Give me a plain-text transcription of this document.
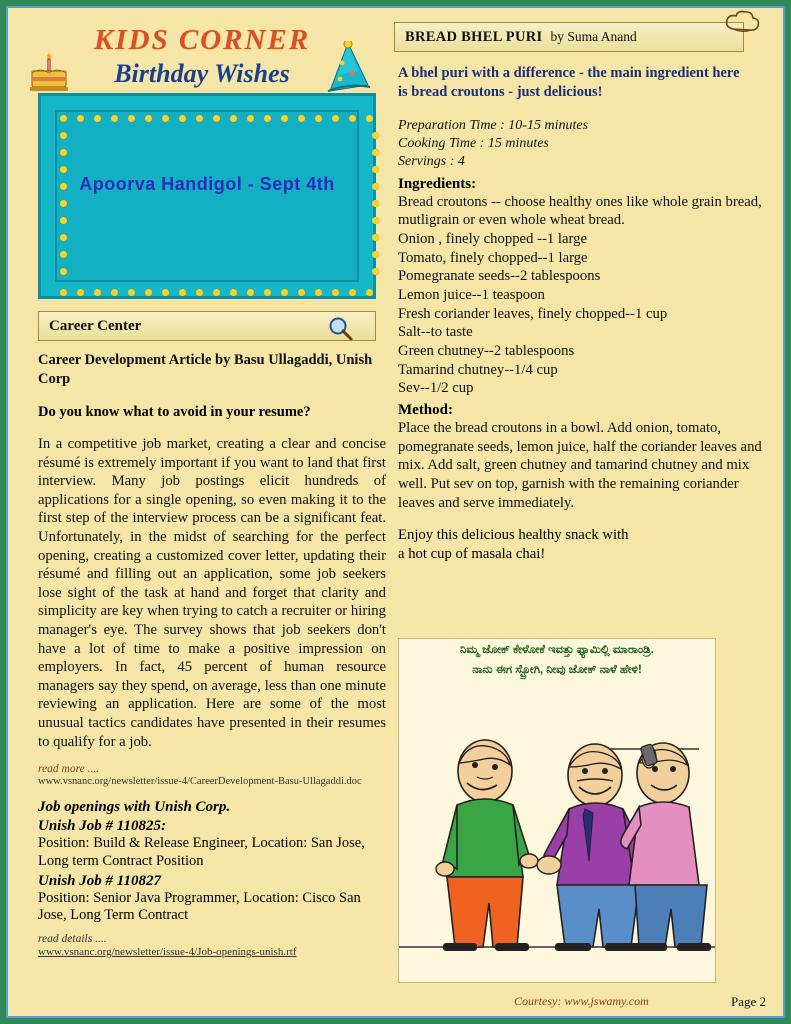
KIDS CORNER
Birthday Wishes
Apoorva Handigol - Sept 4th
Career Center
Career Development Article by Basu Ullagaddi, Unish Corp
Do you know what to avoid in your resume?
In a competitive job market, creating a clear and concise résumé is extremely important if you want to land that first interview. Many job postings elicit hundreds of applications for a single opening, so even making it to the first step of the interview process can be a significant feat. Unfortunately, in the midst of searching for the perfect opening, creating a customized cover letter, updating their résumé and filling out an application, some job seekers lose sight of the task at hand and forget that clarity and simplicity are key when trying to catch a recruiter or hiring manager's eye. The survey shows that job seekers don't have a lot of time to make a positive impression on employers. In fact, 45 percent of human resource managers say they spend, on average, less than one minute reviewing an application. Here are some of the most unusual tactics candidates have presented in their resumes to qualify for a job.
read more ....
www.vsnanc.org/newsletter/issue-4/CareerDevelopment-Basu-Ullagaddi.doc
Job openings with Unish Corp.
Unish Job # 110825:
Position: Build & Release Engineer, Location: San Jose, Long term Contract Position
Unish Job # 110827
Position: Senior Java Programmer, Location: Cisco San Jose, Long Term Contract
read details ....
www.vsnanc.org/newsletter/issue-4/Job-openings-unish.rtf
BREAD BHEL PURI by Suma Anand
A bhel puri with a difference - the main ingredient here is bread croutons - just delicious!
Preparation Time : 10-15 minutes
Cooking Time : 15 minutes
Servings : 4
Ingredients:
Bread croutons -- choose healthy ones like whole grain bread, mutligrain or even whole wheat bread.
Onion , finely chopped --1 large
Tomato, finely chopped--1 large
Pomegranate seeds--2 tablespoons
Lemon juice--1 teaspoon
Fresh coriander leaves, finely chopped--1 cup
Salt--to taste
Green chutney--2 tablespoons
Tamarind chutney--1/4 cup
Sev--1/2 cup
Method:
Place the bread croutons in a bowl. Add onion, tomato, pomegranate seeds, lemon juice, half the coriander leaves and mix. Add salt, green chutney and tamarind chutney and mix well. Put sev on top, garnish with the remaining coriander leaves and serve immediately.
Enjoy this delicious healthy snack with
a hot cup of masala chai!
ನಿಮ್ಮ ಜೋಕ್ ಕೇಳೋಕೆ ಇವತ್ತು ಫ್ಯಾಮಿಲ್ಲಿ ಮಾರಾಂಡ್ರಿ.
ನಾನು ಈಗ ಸ್ಟ್ರೋಗಿ, ನೀವು ಜೋಕ್ ನಾಳೆ ಹೇಳಿ!
Courtesy: www.jswamy.com	Page 2
